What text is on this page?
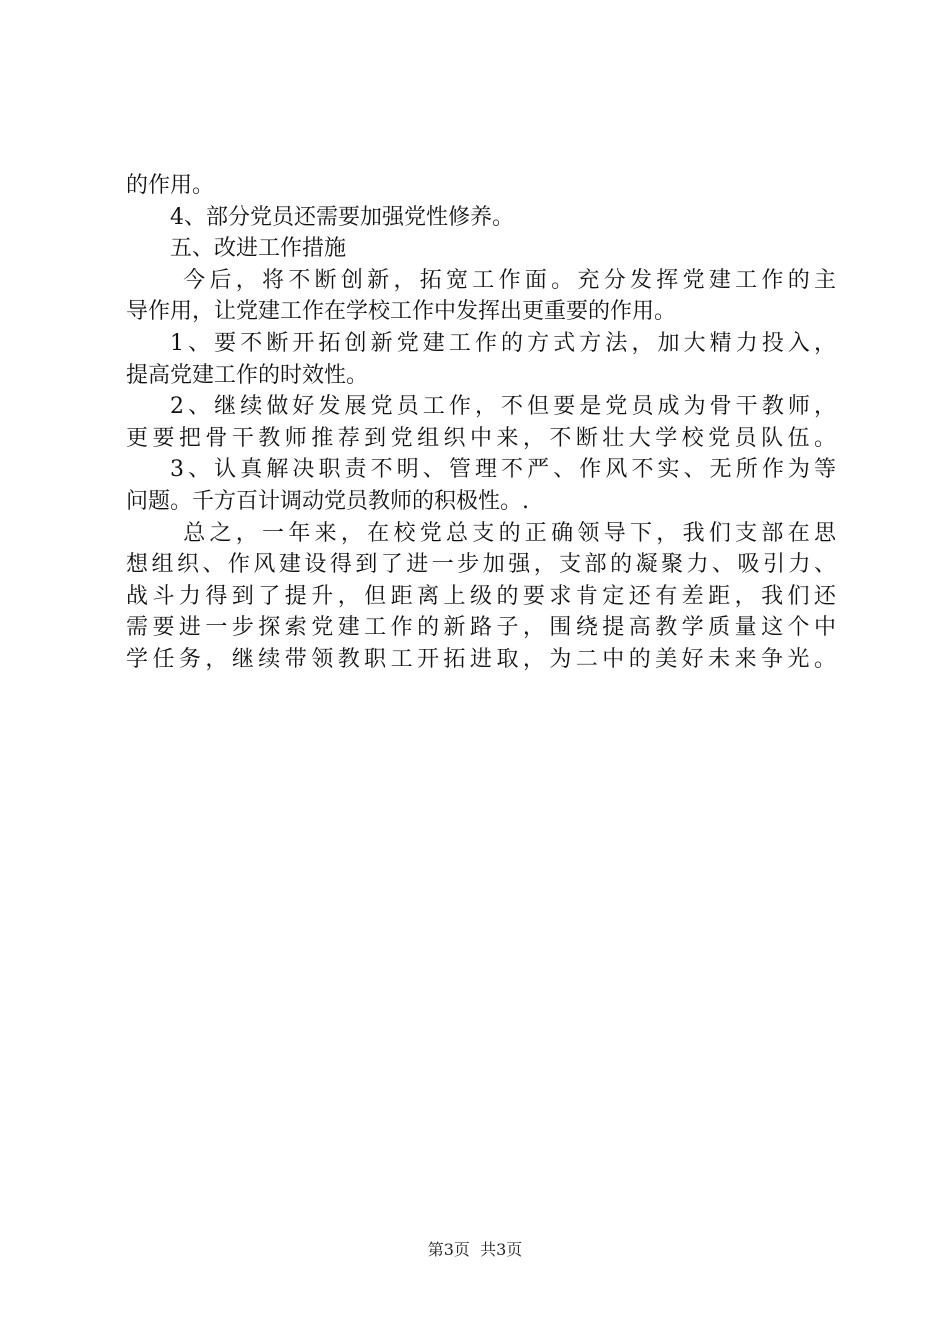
的作用。
4、部分党员还需要加强党性修养。
五、改进工作措施
今后，将不断创新，拓宽工作面。充分发挥党建工作的主
导作用，让党建工作在学校工作中发挥出更重要的作用。
1、要不断开拓创新党建工作的方式方法，加大精力投入，
提高党建工作的时效性。
2、继续做好发展党员工作，不但要是党员成为骨干教师，
更要把骨干教师推荐到党组织中来，不断壮大学校党员队伍。
3、认真解决职责不明、管理不严、作风不实、无所作为等
问题。千方百计调动党员教师的积极性。.
总之，一年来，在校党总支的正确领导下，我们支部在思
想组织、作风建设得到了进一步加强，支部的凝聚力、吸引力、
战斗力得到了提升，但距离上级的要求肯定还有差距，我们还
需要进一步探索党建工作的新路子，围绕提高教学质量这个中
学任务，继续带领教职工开拓进取，为二中的美好未来争光。
第3页  共3页
